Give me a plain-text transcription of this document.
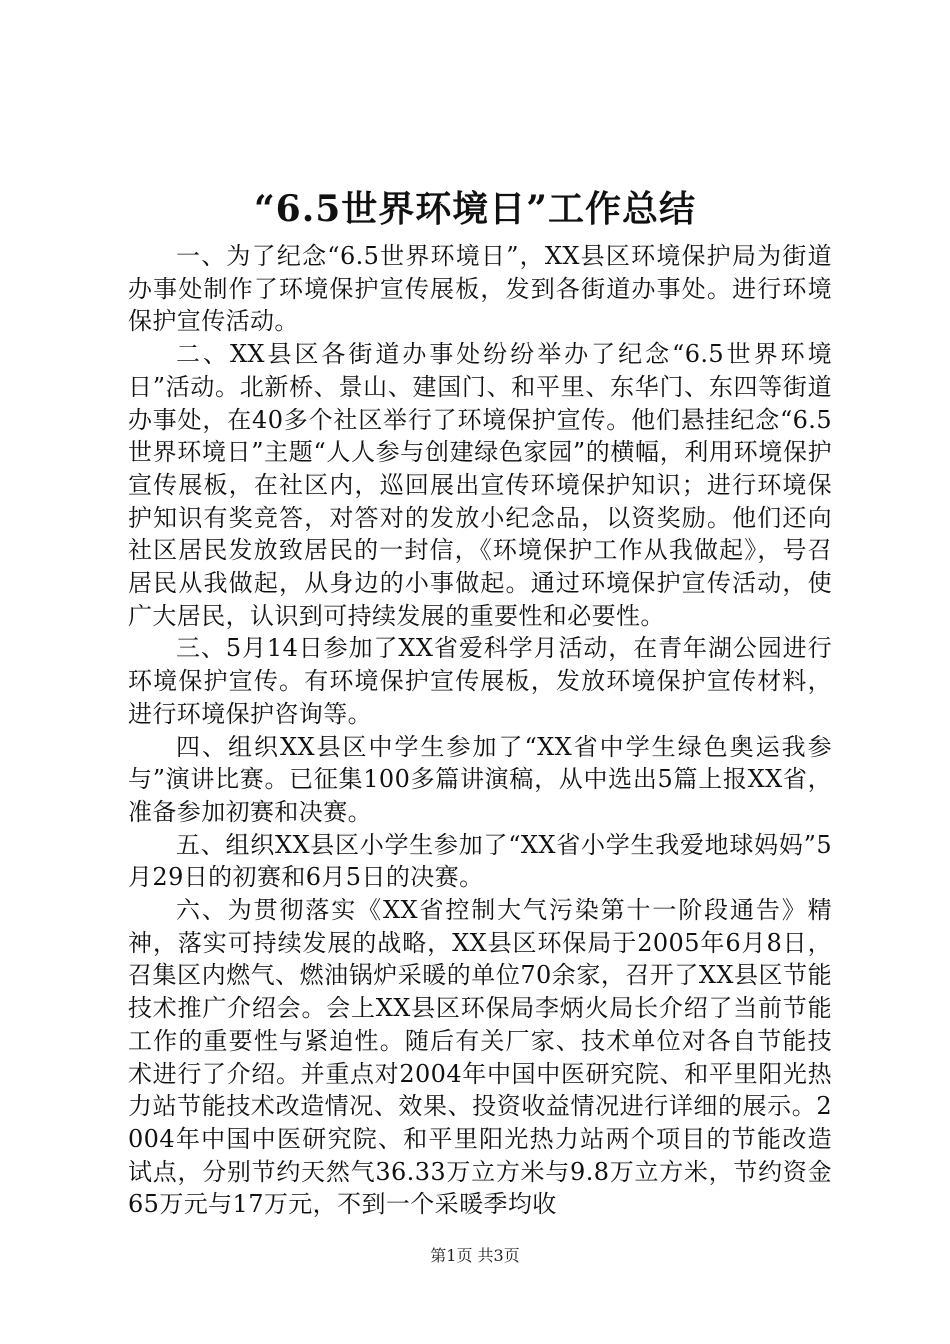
“6.5世界环境日”工作总结

一、为了纪念“6.5世界环境日”，XX县区环境保护局为街道办事处制作了环境保护宣传展板，发到各街道办事处。进行环境保护宣传活动。

二、XX县区各街道办事处纷纷举办了纪念“6.5世界环境日”活动。北新桥、景山、建国门、和平里、东华门、东四等街道办事处，在40多个社区举行了环境保护宣传。他们悬挂纪念“6.5世界环境日”主题“人人参与创建绿色家园”的横幅，利用环境保护宣传展板，在社区内，巡回展出宣传环境保护知识；进行环境保护知识有奖竞答，对答对的发放小纪念品，以资奖励。他们还向社区居民发放致居民的一封信，《环境保护工作从我做起》，号召居民从我做起，从身边的小事做起。通过环境保护宣传活动，使广大居民，认识到可持续发展的重要性和必要性。

三、5月14日参加了XX省爱科学月活动，在青年湖公园进行环境保护宣传。有环境保护宣传展板，发放环境保护宣传材料，进行环境保护咨询等。

四、组织XX县区中学生参加了“XX省中学生绿色奥运我参与”演讲比赛。已征集100多篇讲演稿，从中选出5篇上报XX省，准备参加初赛和决赛。

五、组织XX县区小学生参加了“XX省小学生我爱地球妈妈”5月29日的初赛和6月5日的决赛。

六、为贯彻落实《XX省控制大气污染第十一阶段通告》精神，落实可持续发展的战略，XX县区环保局于2005年6月8日，召集区内燃气、燃油锅炉采暖的单位70余家，召开了XX县区节能技术推广介绍会。会上XX县区环保局李炳火局长介绍了当前节能工作的重要性与紧迫性。随后有关厂家、技术单位对各自节能技术进行了介绍。并重点对2004年中国中医研究院、和平里阳光热力站节能技术改造情况、效果、投资收益情况进行详细的展示。2004年中国中医研究院、和平里阳光热力站两个项目的节能改造试点，分别节约天然气36.33万立方米与9.8万立方米，节约资金65万元与17万元，不到一个采暖季均收

第1页 共3页
